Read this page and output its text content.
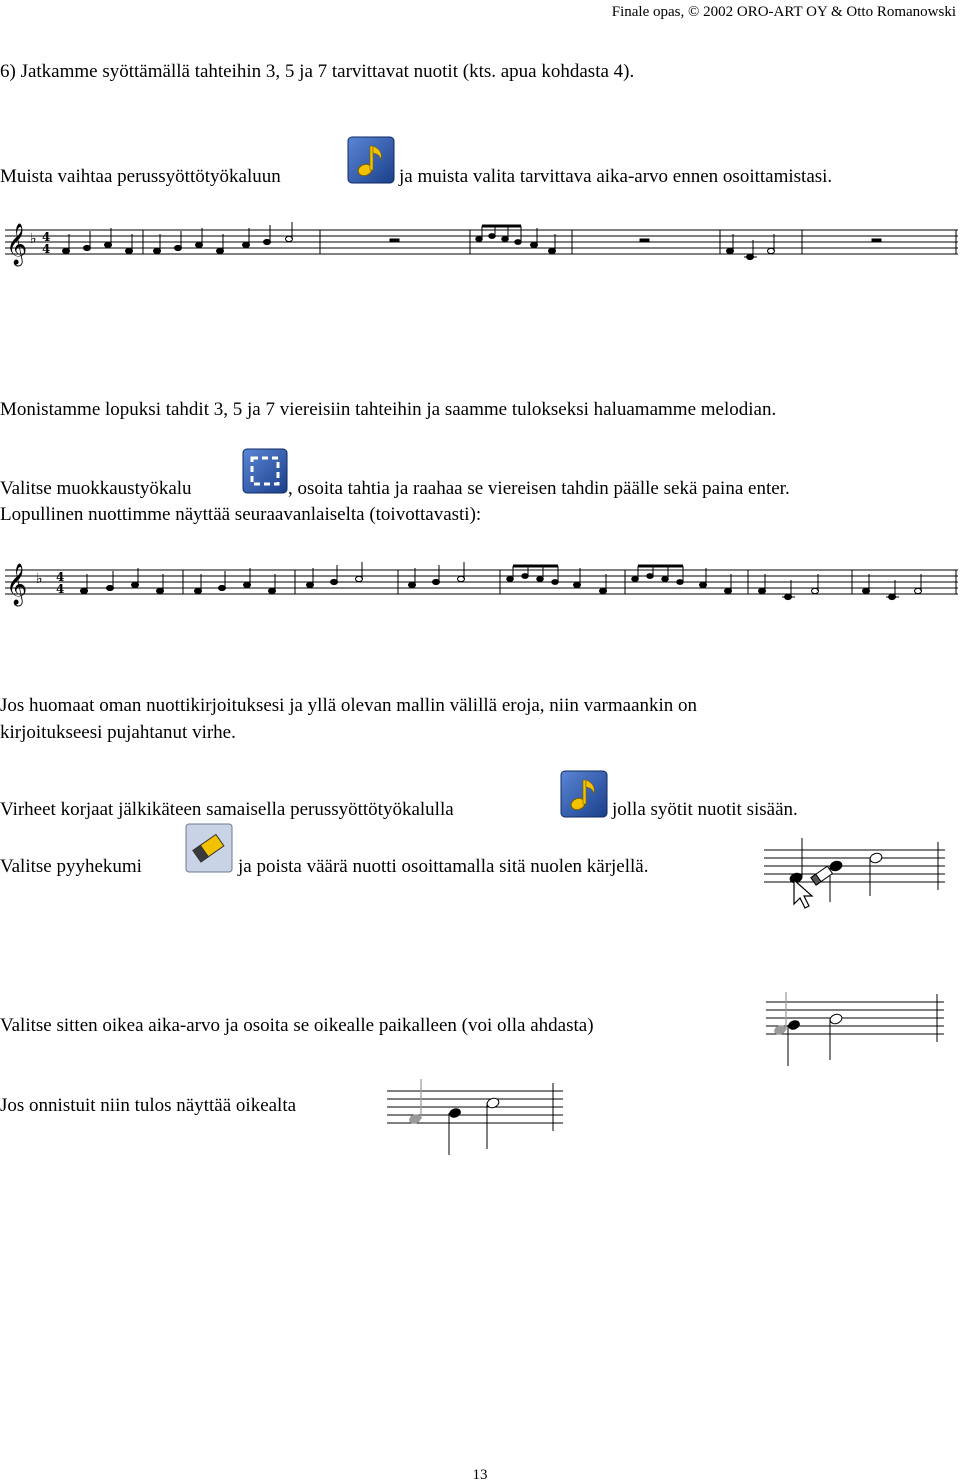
Finale opas, © 2002 ORO-ART OY & Otto Romanowski
6) Jatkamme syöttämällä tahteihin 3, 5 ja 7 tarvittavat nuotit (kts. apua kohdasta 4).
Muista vaihtaa perussyöttötyökaluun	ja muista valita tarvittava aika-arvo ennen osoittamistasi.
𝄞 ♭ 4
4
Monistamme lopuksi tahdit 3, 5 ja 7 viereisiin tahteihin ja saamme tulokseksi haluamamme melodian.
Valitse muokkaustyökalu	, osoita tahtia ja raahaa se viereisen tahdin päälle sekä paina enter.
Lopullinen nuottimme näyttää seuraavanlaiselta (toivottavasti):
𝄞 ♭ 4
4
Jos huomaat oman nuottikirjoituksesi ja yllä olevan mallin välillä eroja, niin varmaankin on
kirjoitukseesi pujahtanut virhe.
Virheet korjaat jälkikäteen samaisella perussyöttötyökalulla	jolla syötit nuotit sisään.
Valitse pyyhekumi	ja poista väärä nuotti osoittamalla sitä nuolen kärjellä.
Valitse sitten oikea aika-arvo ja osoita se oikealle paikalleen (voi olla ahdasta)
Jos onnistuit niin tulos näyttää oikealta
13
